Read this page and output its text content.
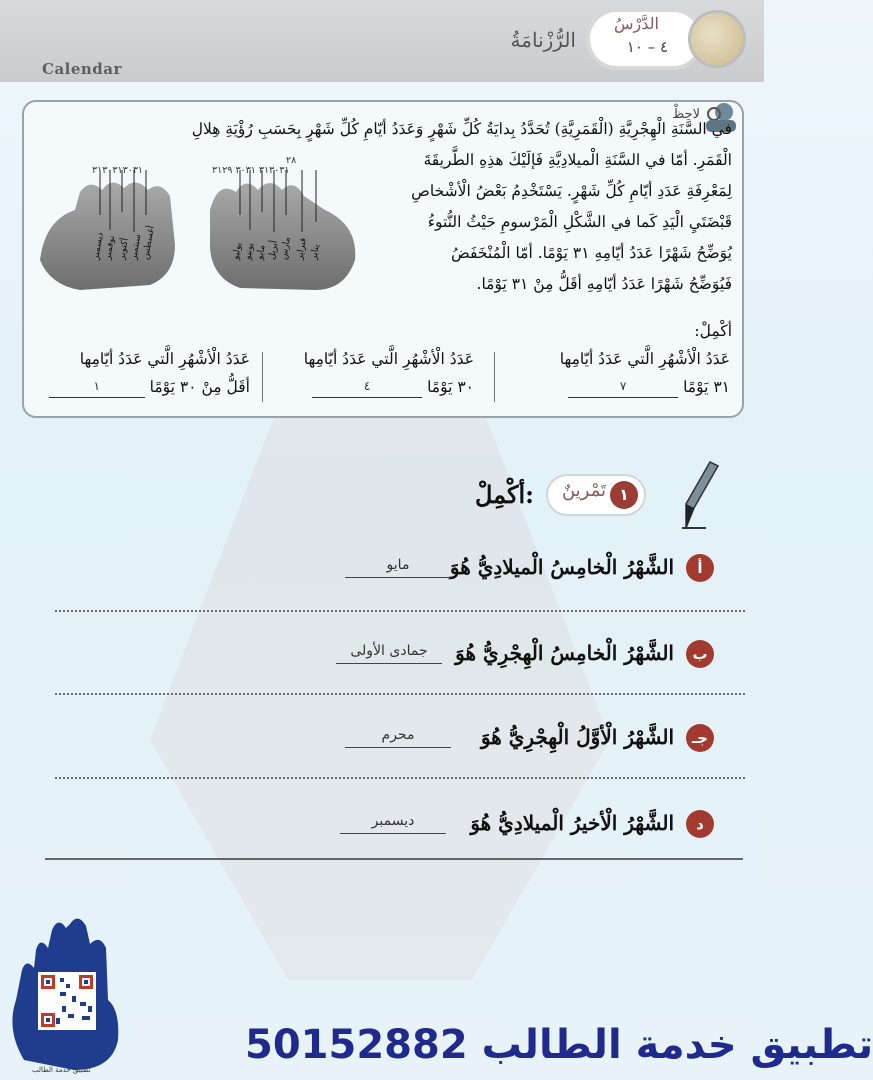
Calendar
الرُّزْنامَةُ
الدَّرْسُ
٤ – ١٠
لاحِظْ
في السَّنَةِ الْهِجْرِيَّةِ (الْقَمَرِيَّةِ) تُحَدَّدُ بِدايَةُ كُلِّ شَهْرٍ وَعَدَدُ أيّامِ كُلِّ شَهْرٍ بِحَسَبِ رُؤْيَةِ هِلالِ
الْقَمَرِ. أمّا في السَّنَةِ الْميلادِيَّةِ فَإلَيْكَ هذِهِ الطَّريقَةَ
لِمَعْرِفَةِ عَدَدِ أيّامِ كُلِّ شَهْرٍ. يَسْتَخْدِمُ بَعْضُ الْأشْخاصِ
قَبْضَتَيِ الْيَدِ كَما في الشَّكْلِ الْمَرْسومِ حَيْثُ النُّتوءُ
يُوَضِّحُ شَهْرًا عَدَدُ أيّامِهِ ٣١ يَوْمًا. أمّا الْمُنْخَفَضُ
فَيُوَضِّحُ شَهْرًا عَدَدُ أيّامِهِ أقَلُّ مِنْ ٣١ يَوْمًا.
أكْمِلْ:
ديسمبر
نوفمبر أكتوبر
سبتمبر
أغسطس	يوليو يونيو مايو أبريل
مارس فبراير يناير
٣١٣٠٣١٣٠٣١	٣١٣٠٣١ ٣٠٣١ ٣١٢٩
٢٨
عَدَدُ الْأشْهُرِ الَّتي عَدَدُ أيّامِها
٣١ يَوْمًا ٧
عَدَدُ الْأشْهُرِ الَّتي عَدَدُ أيّامِها
٣٠ يَوْمًا ٤
عَدَدُ الْأشْهُرِ الَّتي عَدَدُ أيّامِها
أقَلُّ مِنْ ٣٠ يَوْمًا ١
تَمْرينٌ ١
أكْمِلْ:
أ
الشَّهْرُ الْخامِسُ الْميلادِيُّ هُوَ
مايو
ب
الشَّهْرُ الْخامِسُ الْهِجْرِيُّ هُوَ
جمادى الأولى
جـ
الشَّهْرُ الْأوَّلُ الْهِجْرِيُّ هُوَ
محرم
د
الشَّهْرُ الْأخيرُ الْميلادِيُّ هُوَ
ديسمبر
تطبيق خدمة الطالب
تطبيق خدمة الطالب 50152882
